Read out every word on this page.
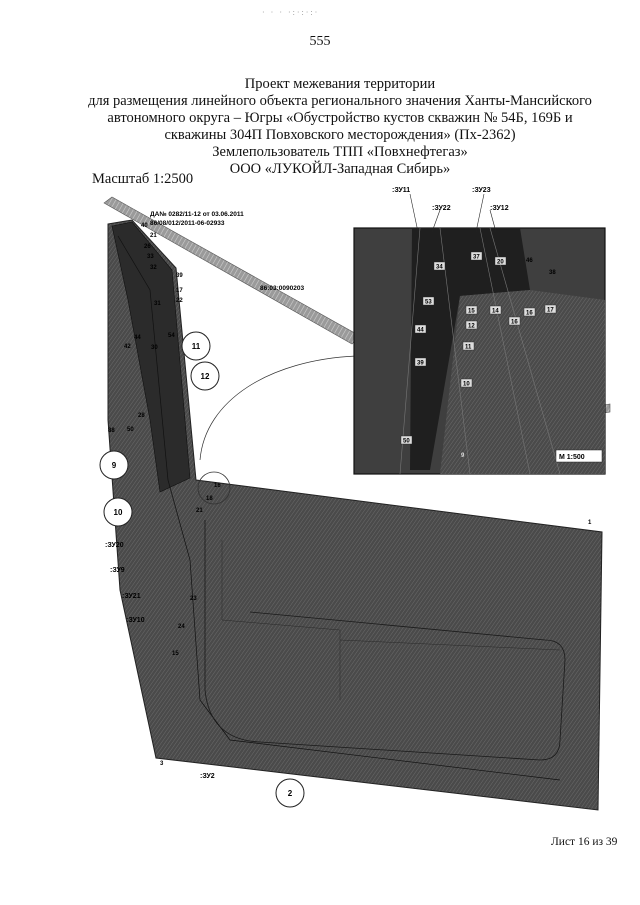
· · · ·:·:·:·
555
Проект межевания территории
для размещения линейного объекта регионального значения Ханты-Мансийского
автономного округа – Югры «Обустройство кустов скважин № 54Б, 169Б и
скважины 304П Повховского месторождения» (Пх-2362)
Землепользователь ТПП «Повхнефтегаз»
ООО «ЛУКОЙЛ-Западная Сибирь»
Масштаб 1:2500
:ЗУ11
:ЗУ22
:ЗУ23
:ЗУ12
:ЗУ20
:ЗУ9
:ЗУ21
:ЗУ10
:ЗУ2
ДА№ 0282/11-12 от 03.06.2011
86/08/012/2011-06-02933
86:03:0090203
11
12
9
10
2
40
21
26
33
32
39
17
22
31
54
30
42
44
88 50
28
16
1
3
21
23
24
15
18
34
37
20	46
38
53
15	14
16
16 17
12
44
11
39
10
50
9	М 1:500
Лист 16 из 39
